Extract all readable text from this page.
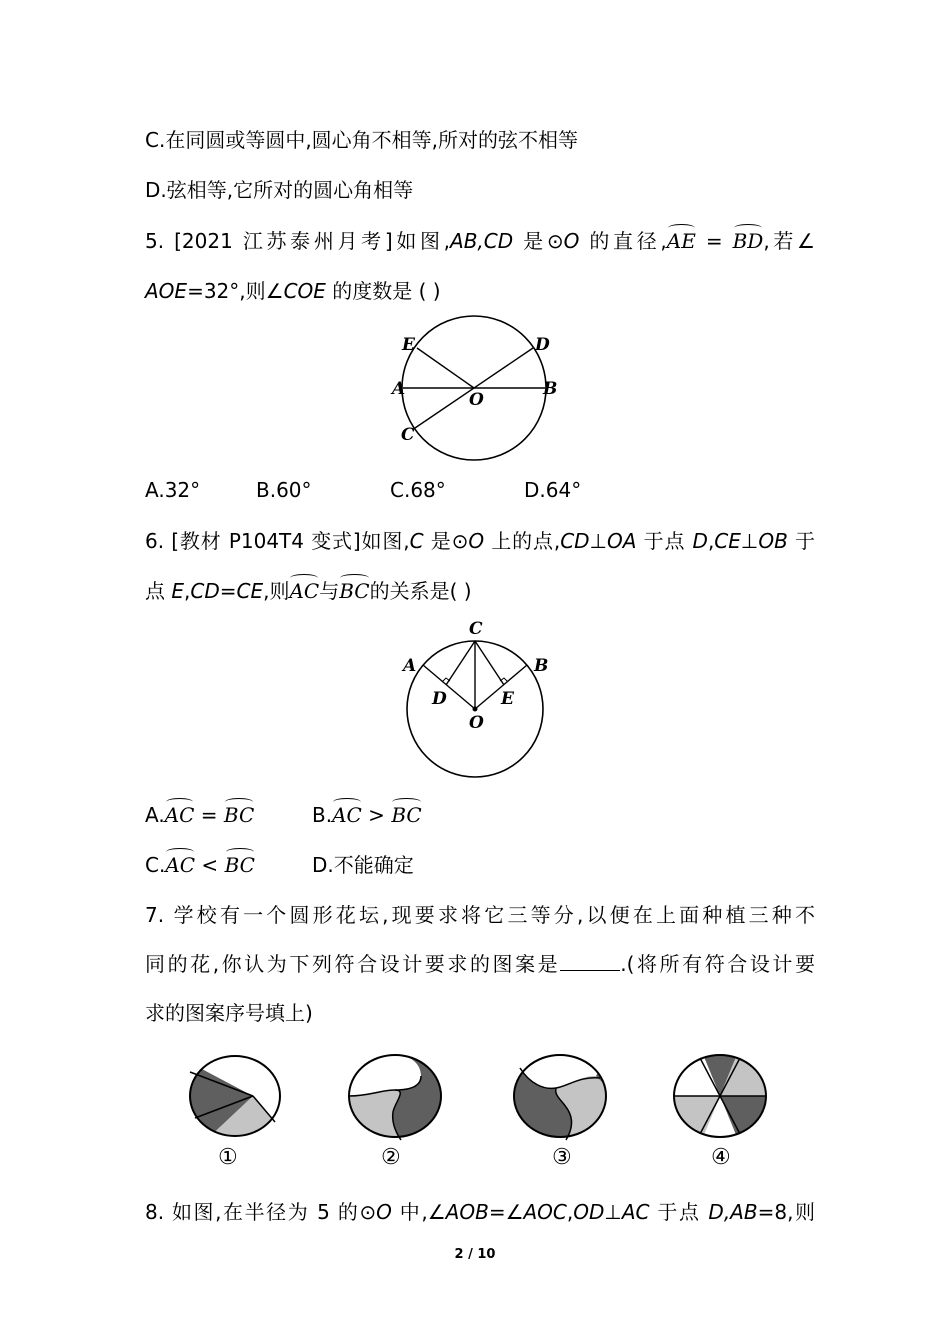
C.在同圆或等圆中,圆心角不相等,所对的弦不相等
D.弦相等,它所对的圆心角相等
5. [2021 江苏泰州月考]如图,AB,CD 是⊙O 的直径,AE = BD,若∠
AOE=32°,则∠COE 的度数是 ( )
E	D
A	B
O
C
A.32°	B.60°	C.68°	D.64°
6. [教材 P104T4 变式]如图,C 是⊙O 上的点,CD⊥OA 于点 D,CE⊥OB 于
点 E,CD=CE,则AC与BC的关系是( )
C
A	B
D	E
O
A.AC = BC	B.AC > BC
C.AC < BC	D.不能确定
7. 学校有一个圆形花坛,现要求将它三等分,以便在上面种植三种不
同的花,你认为下列符合设计要求的图案是	.(将所有符合设计要
求的图案序号填上)
①	②	③	④
8. 如图,在半径为 5 的⊙O 中,∠AOB=∠AOC,OD⊥AC 于点 D,AB=8,则
2 / 10
